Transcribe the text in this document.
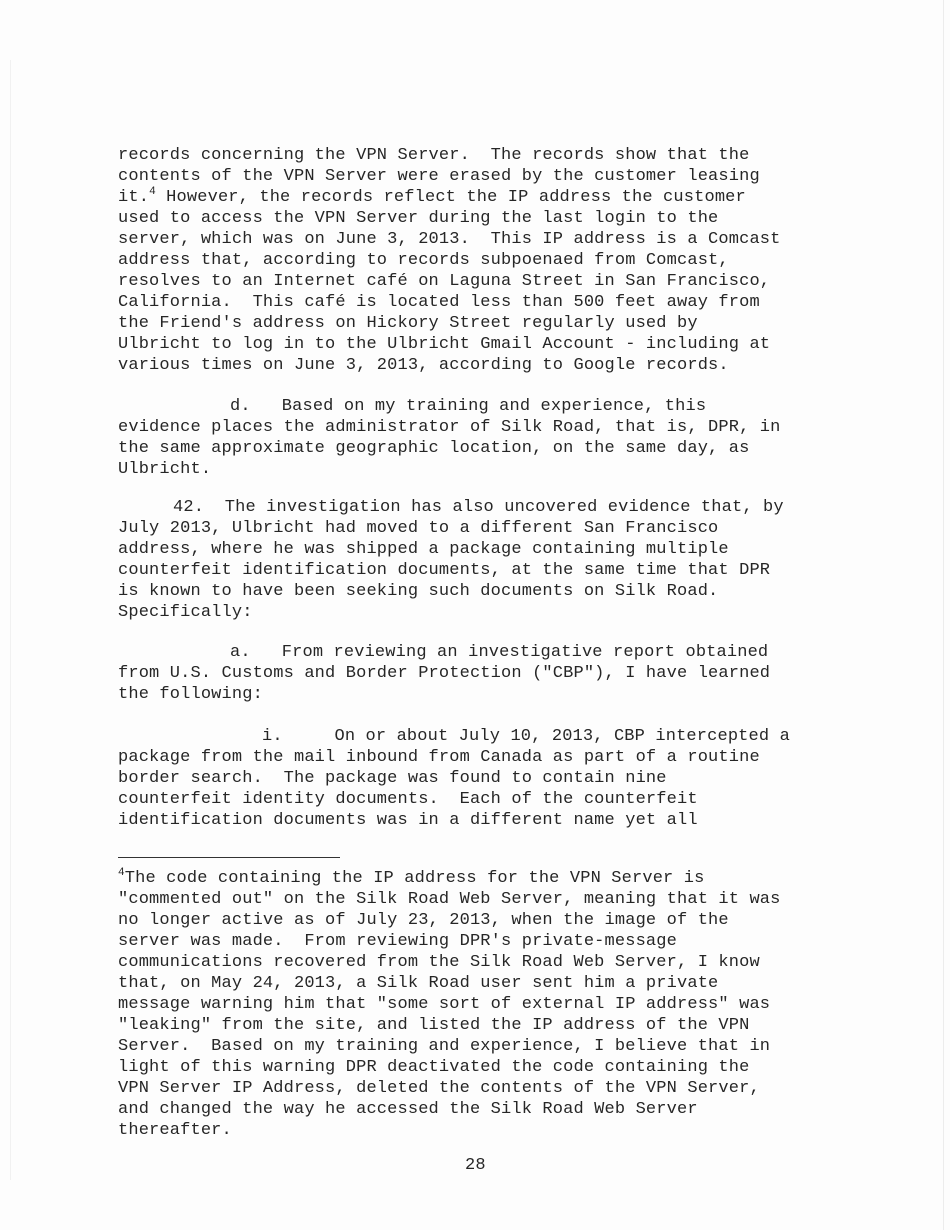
records concerning the VPN Server.  The records show that the
contents of the VPN Server were erased by the customer leasing
it.$^4$ However, the records reflect the IP address the customer
used to access the VPN Server during the last login to the
server, which was on June 3, 2013.  This IP address is a Comcast
address that, according to records subpoenaed from Comcast,
resolves to an Internet café on Laguna Street in San Francisco,
California.  This café is located less than 500 feet away from
the Friend's address on Hickory Street regularly used by
Ulbricht to log in to the Ulbricht Gmail Account - including at
various times on June 3, 2013, according to Google records.
d.   Based on my training and experience, this
evidence places the administrator of Silk Road, that is, DPR, in
the same approximate geographic location, on the same day, as
Ulbricht.
42.  The investigation has also uncovered evidence that, by
July 2013, Ulbricht had moved to a different San Francisco
address, where he was shipped a package containing multiple
counterfeit identification documents, at the same time that DPR
is known to have been seeking such documents on Silk Road.
Specifically:
a.   From reviewing an investigative report obtained
from U.S. Customs and Border Protection ("CBP"), I have learned
the following:
i.     On or about July 10, 2013, CBP intercepted a
package from the mail inbound from Canada as part of a routine
border search.  The package was found to contain nine
counterfeit identity documents.  Each of the counterfeit
identification documents was in a different name yet all
$^4$The code containing the IP address for the VPN Server is
"commented out" on the Silk Road Web Server, meaning that it was
no longer active as of July 23, 2013, when the image of the
server was made.  From reviewing DPR's private-message
communications recovered from the Silk Road Web Server, I know
that, on May 24, 2013, a Silk Road user sent him a private
message warning him that "some sort of external IP address" was
"leaking" from the site, and listed the IP address of the VPN
Server.  Based on my training and experience, I believe that in
light of this warning DPR deactivated the code containing the
VPN Server IP Address, deleted the contents of the VPN Server,
and changed the way he accessed the Silk Road Web Server
thereafter.
28
